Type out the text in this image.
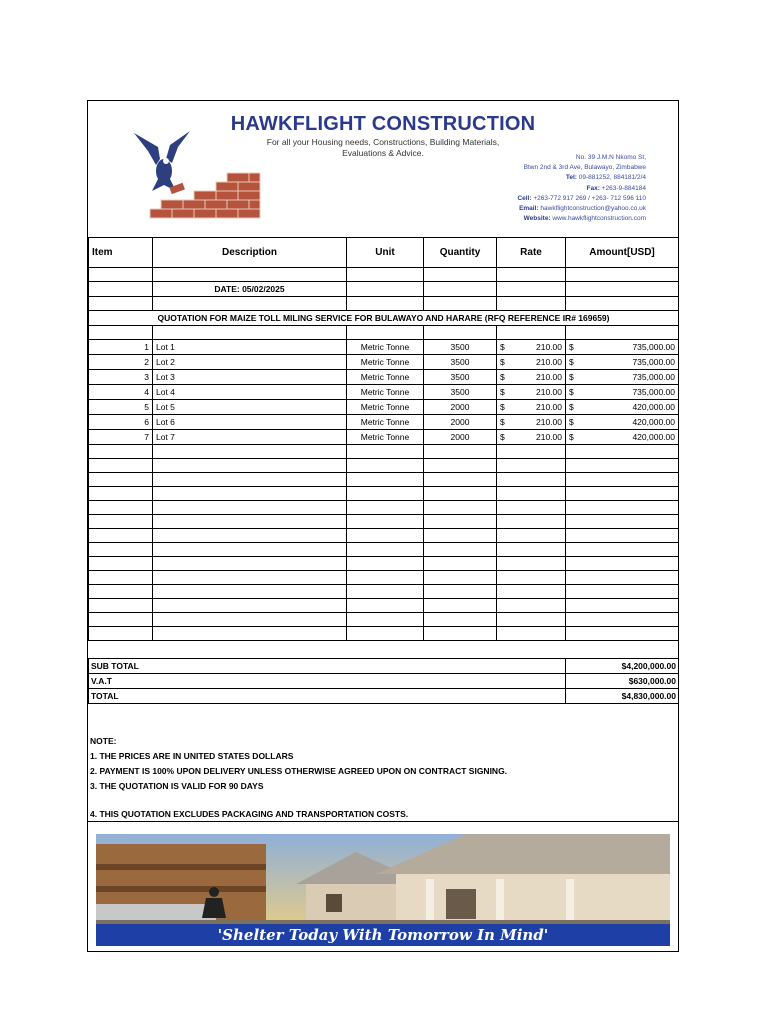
HAWKFLIGHT CONSTRUCTION
For all your Housing needs, Constructions, Building Materials,
Evaluations & Advice.	No. 39 J.M.N Nkomo St,
Btwn 2nd & 3rd Ave, Bulawayo, Zimbabwe
Tel: 09-881252, 884181/2/4
Fax: +263-9-884184
Cell: +263-772 917 269 / +263- 712 596 110
Email: hawkflightconstruction@yahoo.co.uk
Website: www.hawkflightconstruction.com
Item	Description	Unit	Quantity	Rate	Amount[USD]

	DATE: 05/02/2025				

QUOTATION FOR MAIZE TOLL MILING SERVICE FOR BULAWAYO AND HARARE (RFQ REFERENCE IR# 169659)					

1	Lot 1	Metric Tonne	3500	$ 210.00	$ 735,000.00

2	Lot 2	Metric Tonne	3500	$ 210.00	$ 735,000.00

3	Lot 3	Metric Tonne	3500	$ 210.00	$ 735,000.00

4	Lot 4	Metric Tonne	3500	$ 210.00	$ 735,000.00

5	Lot 5	Metric Tonne	2000	$ 210.00	$ 420,000.00

6	Lot 6	Metric Tonne	2000	$ 210.00	$ 420,000.00

7	Lot 7	Metric Tonne	2000	$ 210.00	$ 420,000.00

SUB TOTAL	$4,200,000.00
V.A.T	$630,000.00
TOTAL	$4,830,000.00
NOTE:
1. THE PRICES ARE IN UNITED STATES DOLLARS
2. PAYMENT IS 100% UPON DELIVERY UNLESS OTHERWISE AGREED UPON ON CONTRACT SIGNING.
3. THE QUOTATION IS VALID FOR 90 DAYS
4. THIS QUOTATION EXCLUDES PACKAGING AND TRANSPORTATION COSTS.
'Shelter Today With Tomorrow In Mind'
